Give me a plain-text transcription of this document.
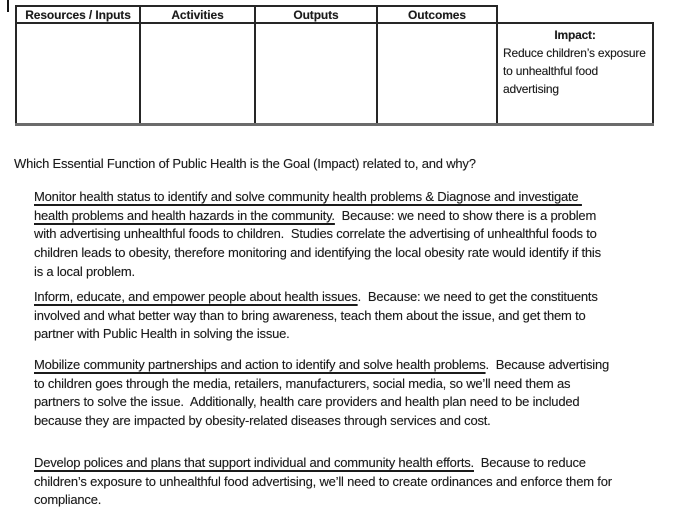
Resources / Inputs	Activities	Outputs	Outcomes	

				Impact:
Reduce children’s exposure to unhealthful food advertising
Which Essential Function of Public Health is the Goal (Impact) related to, and why?
Monitor health status to identify and solve community health problems & Diagnose and investigate health problems and health hazards in the community.  Because: we need to show there is a problem with advertising unhealthful foods to children.  Studies correlate the advertising of unhealthful foods to children leads to obesity, therefore monitoring and identifying the local obesity rate would identify if this is a local problem.
Inform, educate, and empower people about health issues.  Because: we need to get the constituents involved and what better way than to bring awareness, teach them about the issue, and get them to partner with Public Health in solving the issue.
Mobilize community partnerships and action to identify and solve health problems.  Because advertising to children goes through the media, retailers, manufacturers, social media, so we’ll need them as partners to solve the issue.  Additionally, health care providers and health plan need to be included because they are impacted by obesity-related diseases through services and cost.
Develop polices and plans that support individual and community health efforts.  Because to reduce children’s exposure to unhealthful food advertising, we’ll need to create ordinances and enforce them for compliance.
